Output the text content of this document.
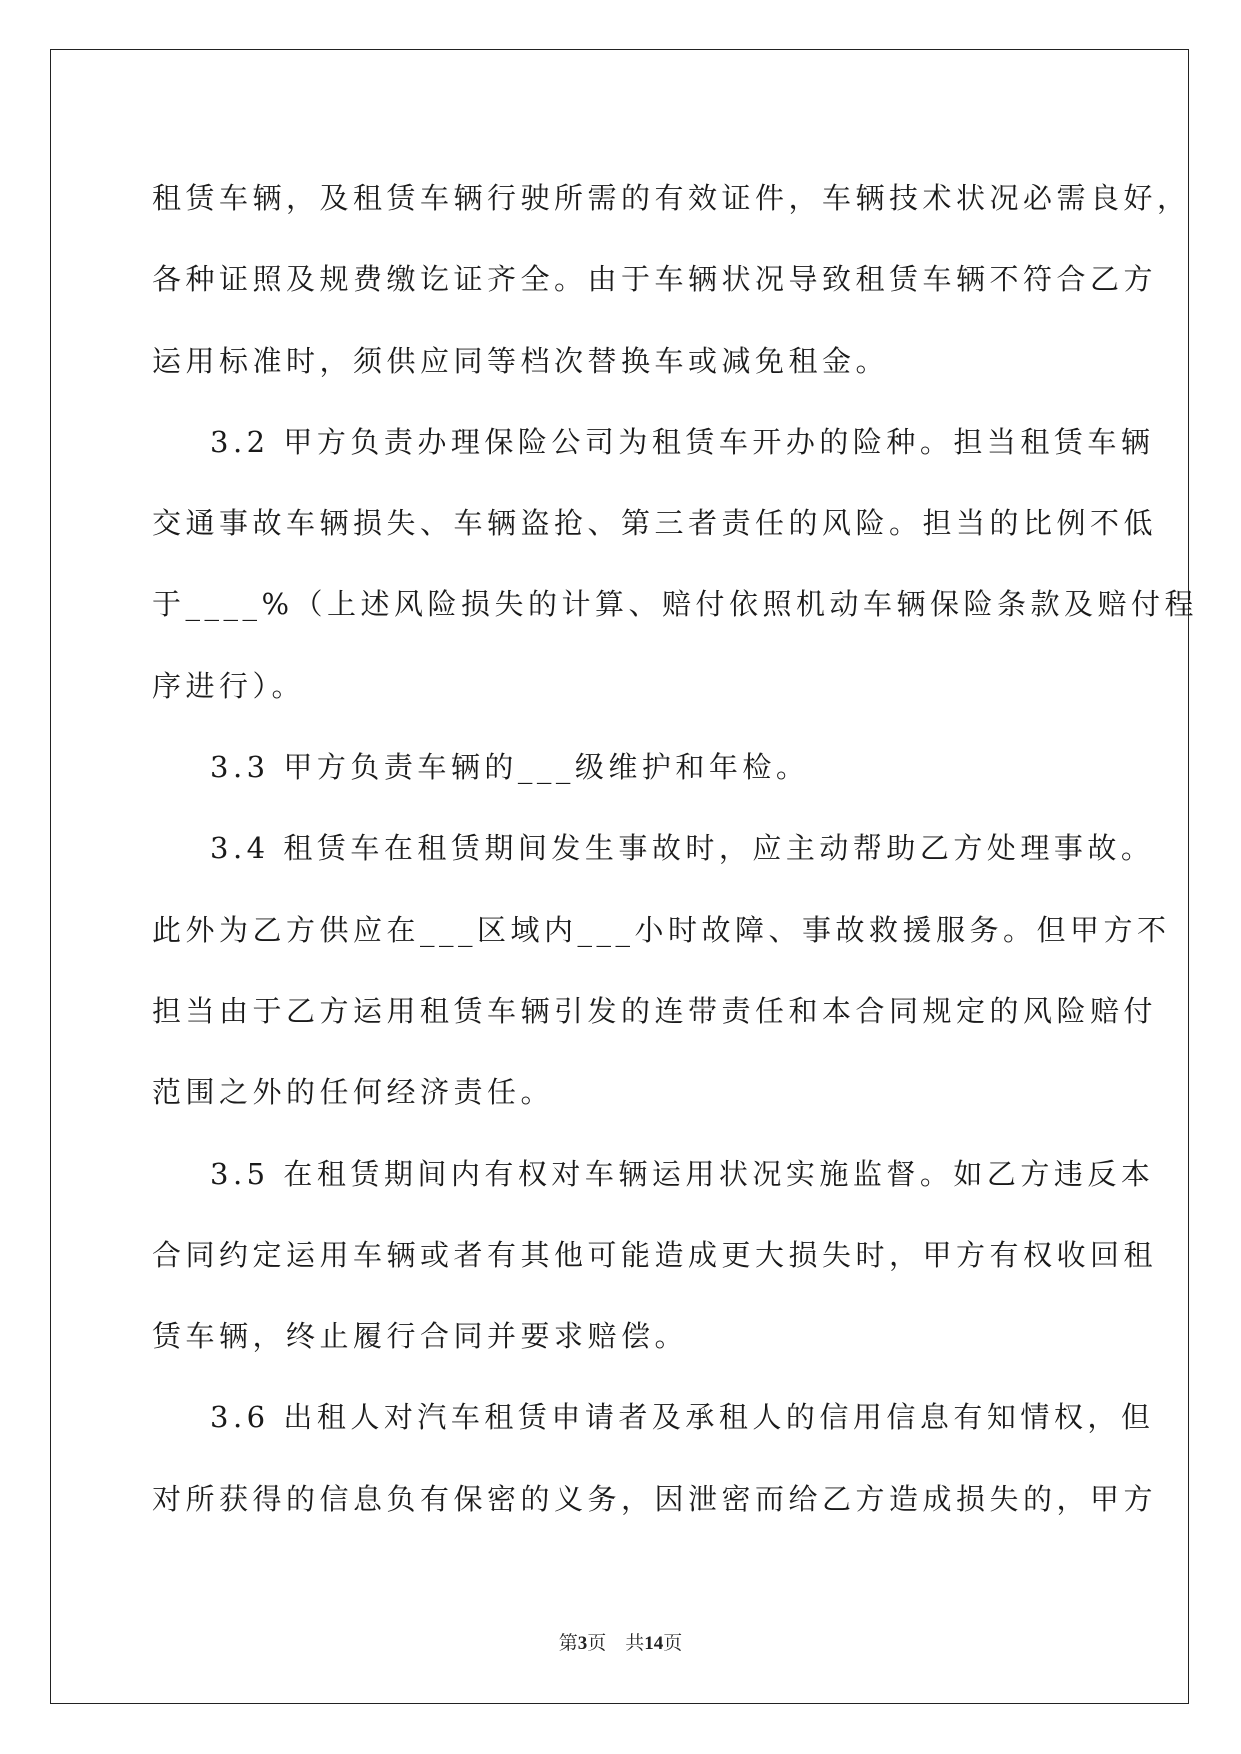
租赁车辆，及租赁车辆行驶所需的有效证件，车辆技术状况必需良好，
各种证照及规费缴讫证齐全。由于车辆状况导致租赁车辆不符合乙方
运用标准时，须供应同等档次替换车或减免租金。
3.2 甲方负责办理保险公司为租赁车开办的险种。担当租赁车辆
交通事故车辆损失、车辆盗抢、第三者责任的风险。担当的比例不低
于____%（上述风险损失的计算、赔付依照机动车辆保险条款及赔付程
序进行）。
3.3 甲方负责车辆的___级维护和年检。
3.4 租赁车在租赁期间发生事故时，应主动帮助乙方处理事故。
此外为乙方供应在___区域内___小时故障、事故救援服务。但甲方不
担当由于乙方运用租赁车辆引发的连带责任和本合同规定的风险赔付
范围之外的任何经济责任。
3.5 在租赁期间内有权对车辆运用状况实施监督。如乙方违反本
合同约定运用车辆或者有其他可能造成更大损失时，甲方有权收回租
赁车辆，终止履行合同并要求赔偿。
3.6 出租人对汽车租赁申请者及承租人的信用信息有知情权，但
对所获得的信息负有保密的义务，因泄密而给乙方造成损失的，甲方
第3页　共14页
